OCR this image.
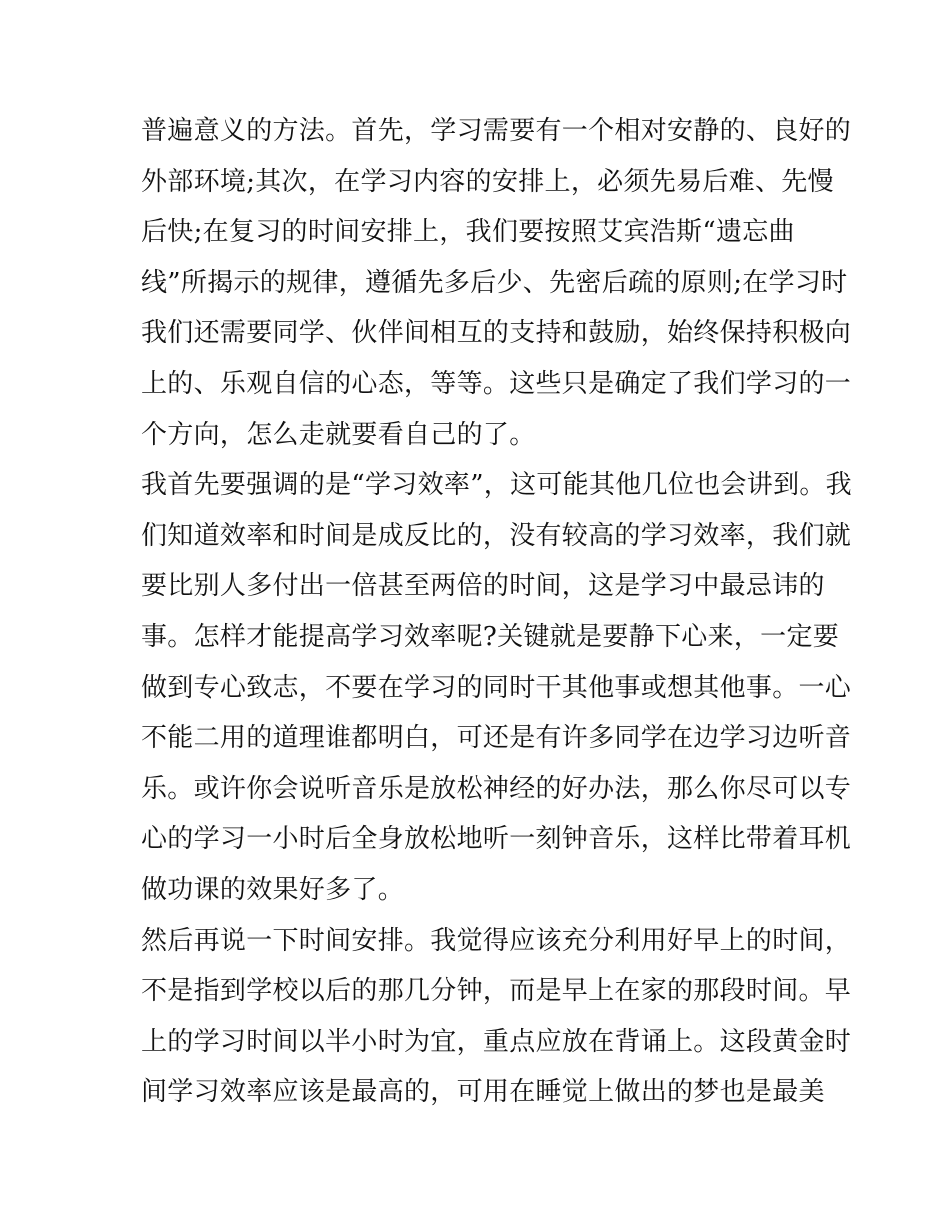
普遍意义的方法。首先，学习需要有一个相对安静的、良好的
外部环境;其次，在学习内容的安排上，必须先易后难、先慢
后快;在复习的时间安排上，我们要按照艾宾浩斯“遗忘曲
线”所揭示的规律，遵循先多后少、先密后疏的原则;在学习时
我们还需要同学、伙伴间相互的支持和鼓励，始终保持积极向
上的、乐观自信的心态，等等。这些只是确定了我们学习的一
个方向，怎么走就要看自己的了。
我首先要强调的是“学习效率”，这可能其他几位也会讲到。我
们知道效率和时间是成反比的，没有较高的学习效率，我们就
要比别人多付出一倍甚至两倍的时间，这是学习中最忌讳的
事。怎样才能提高学习效率呢?关键就是要静下心来，一定要
做到专心致志，不要在学习的同时干其他事或想其他事。一心
不能二用的道理谁都明白，可还是有许多同学在边学习边听音
乐。或许你会说听音乐是放松神经的好办法，那么你尽可以专
心的学习一小时后全身放松地听一刻钟音乐，这样比带着耳机
做功课的效果好多了。
然后再说一下时间安排。我觉得应该充分利用好早上的时间，
不是指到学校以后的那几分钟，而是早上在家的那段时间。早
上的学习时间以半小时为宜，重点应放在背诵上。这段黄金时
间学习效率应该是最高的，可用在睡觉上做出的梦也是最美
